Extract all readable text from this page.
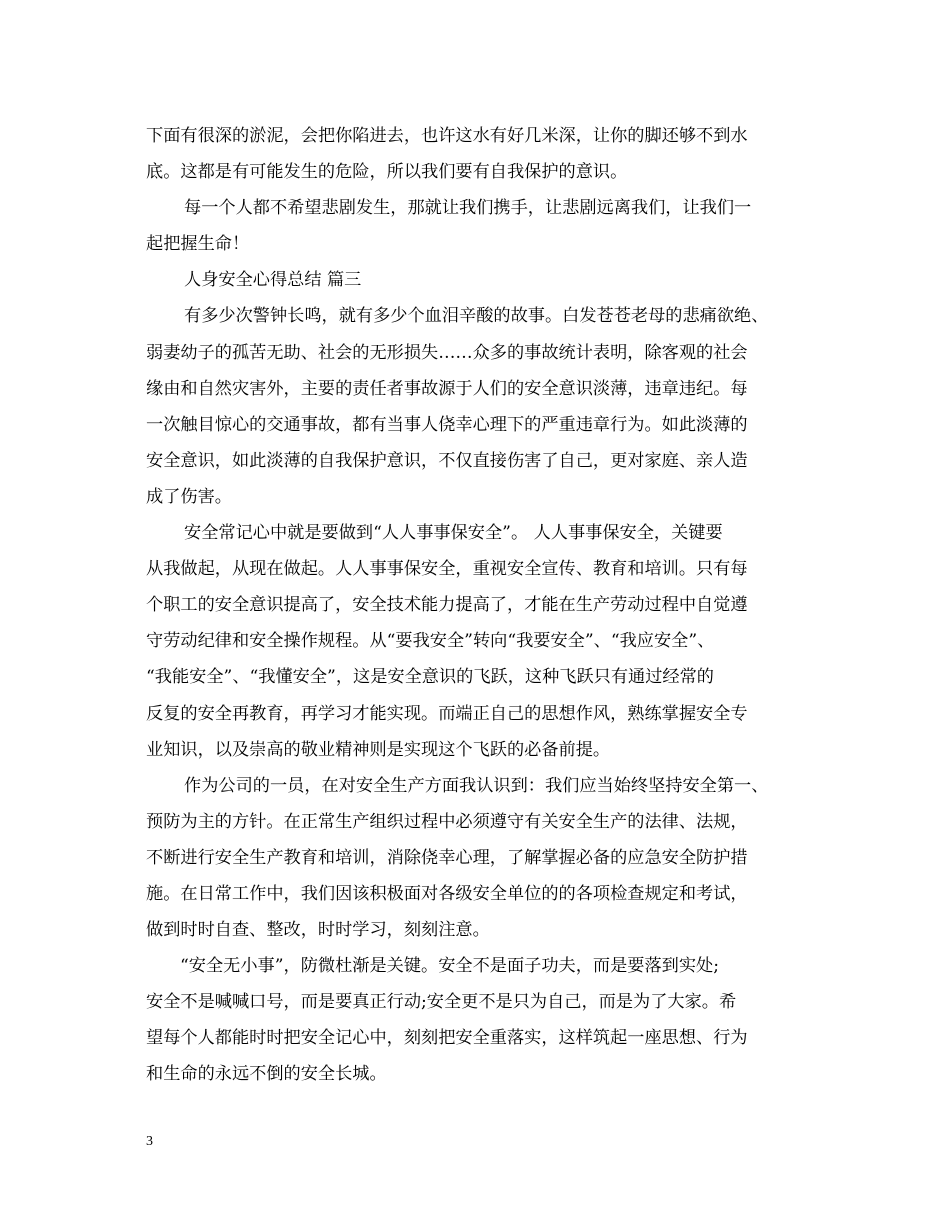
下面有很深的淤泥，会把你陷进去，也许这水有好几米深，让你的脚还够不到水
底。这都是有可能发生的危险，所以我们要有自我保护的意识。
每一个人都不希望悲剧发生，那就让我们携手，让悲剧远离我们，让我们一
起把握生命！
人身安全心得总结 篇三
有多少次警钟长鸣，就有多少个血泪辛酸的故事。白发苍苍老母的悲痛欲绝、
弱妻幼子的孤苦无助、社会的无形损失……众多的事故统计表明，除客观的社会
缘由和自然灾害外，主要的责任者事故源于人们的安全意识淡薄，违章违纪。每
一次触目惊心的交通事故，都有当事人侥幸心理下的严重违章行为。如此淡薄的
安全意识，如此淡薄的自我保护意识，不仅直接伤害了自己，更对家庭、亲人造
成了伤害。
安全常记心中就是要做到“人人事事保安全”。 人人事事保安全，关键要
从我做起，从现在做起。人人事事保安全，重视安全宣传、教育和培训。只有每
个职工的安全意识提高了，安全技术能力提高了，才能在生产劳动过程中自觉遵
守劳动纪律和安全操作规程。从“要我安全”转向“我要安全”、“我应安全”、
“我能安全”、“我懂安全”，这是安全意识的飞跃，这种飞跃只有通过经常的
反复的安全再教育，再学习才能实现。而端正自己的思想作风，熟练掌握安全专
业知识，以及崇高的敬业精神则是实现这个飞跃的必备前提。
作为公司的一员，在对安全生产方面我认识到：我们应当始终坚持安全第一、
预防为主的方针。在正常生产组织过程中必须遵守有关安全生产的法律、法规，
不断进行安全生产教育和培训，消除侥幸心理，了解掌握必备的应急安全防护措
施。在日常工作中，我们因该积极面对各级安全单位的的各项检查规定和考试，
做到时时自查、整改，时时学习，刻刻注意。
“安全无小事”，防微杜渐是关键。安全不是面子功夫，而是要落到实处;
安全不是喊喊口号，而是要真正行动;安全更不是只为自己，而是为了大家。希
望每个人都能时时把安全记心中，刻刻把安全重落实，这样筑起一座思想、行为
和生命的永远不倒的安全长城。
3
